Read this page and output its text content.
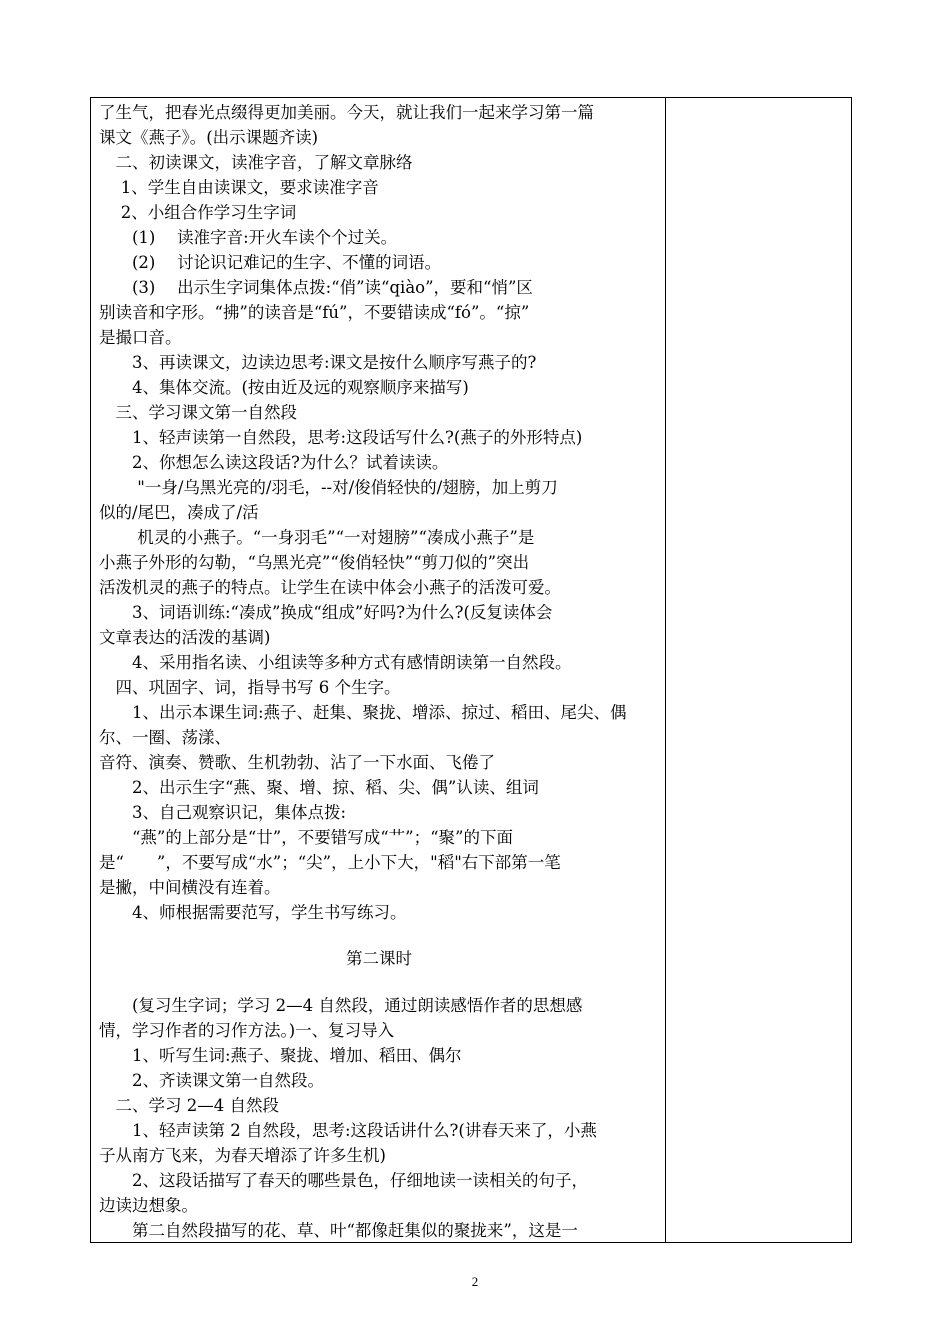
了生气，把春光点缀得更加美丽。今天，就让我们一起来学习第一篇
课文《燕子》。(出示课题齐读)
　二、初读课文，读准字音，了解文章脉络
　 1、学生自由读课文，要求读准字音
　 2、小组合作学习生字词
　　(1)　 读准字音:开火车读个个过关。
　　(2)　 讨论识记难记的生字、不懂的词语。
　　(3)　 出示生字词集体点拨:“俏”读“qiào”，要和“悄”区
别读音和字形。“拂”的读音是“fú”，不要错读成“fó”。“掠”
是撮口音。
　　3、再读课文，边读边思考:课文是按什么顺序写燕子的?
　　4、集体交流。(按由近及远的观察顺序来描写)
　三、学习课文第一自然段
　　1、轻声读第一自然段，思考:这段话写什么?(燕子的外形特点)
　　2、你想怎么读这段话?为什么？试着读读。
　　 "一身/乌黑光亮的/羽毛，--对/俊俏轻快的/翅膀，加上剪刀
似的/尾巴，凑成了/活
　　 机灵的小燕子。“一身羽毛”“一对翅膀”“凑成小燕子”是
小燕子外形的勾勒，“乌黑光亮”“俊俏轻快”“剪刀似的”突出
活泼机灵的燕子的特点。让学生在读中体会小燕子的活泼可爱。
　　3、词语训练:“凑成”换成“组成”好吗?为什么?(反复读体会
文章表达的活泼的基调)
　　4、采用指名读、小组读等多种方式有感情朗读第一自然段。
　四、巩固字、词，指导书写 6 个生字。
　　1、出示本课生词:燕子、赶集、聚拢、增添、掠过、稻田、尾尖、偶
尔、一圈、荡漾、
音符、演奏、赞歌、生机勃勃、沾了一下水面、飞倦了
　　2、出示生字“燕、聚、增、掠、稻、尖、偶”认读、组词
　　3、自己观察识记，集体点拨:
　　“燕”的上部分是“廿”，不要错写成“艹”；“聚”的下面
是“　　”，不要写成“水”；“尖”，上小下大，"稻"右下部第一笔
是撇，中间横没有连着。
　　4、师根据需要范写，学生书写练习。
第二课时
　　(复习生字词；学习 2—4 自然段，通过朗读感悟作者的思想感
情，学习作者的习作方法。)一、复习导入
　　1、听写生词:燕子、聚拢、增加、稻田、偶尔
　　2、齐读课文第一自然段。
　二、学习 2—4 自然段
　　1、轻声读第 2 自然段，思考:这段话讲什么?(讲春天来了，小燕
子从南方飞来，为春天增添了许多生机)
　　2、这段话描写了春天的哪些景色，仔细地读一读相关的句子，
边读边想象。
　　第二自然段描写的花、草、叶“都像赶集似的聚拢来”，这是一
2
